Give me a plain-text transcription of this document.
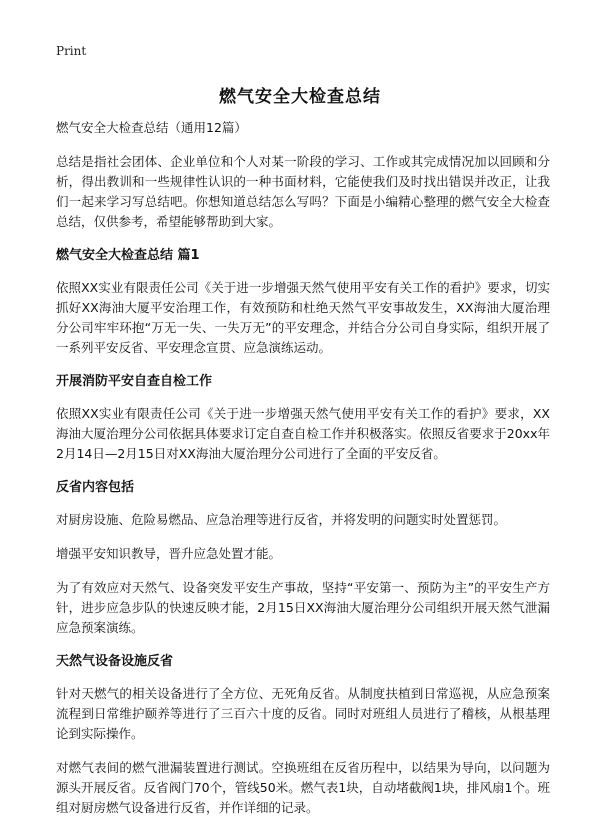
Print
燃气安全大检查总结

燃气安全大检查总结（通用12篇）

总结是指社会团体、企业单位和个人对某一阶段的学习、工作或其完成情况加以回顾和分析，得出教训和一些规律性认识的一种书面材料，它能使我们及时找出错误并改正，让我们一起来学习写总结吧。你想知道总结怎么写吗？下面是小编精心整理的燃气安全大检查总结，仅供参考，希望能够帮助到大家。

燃气安全大检查总结 篇1

依照XX实业有限责任公司《关于进一步增强天然气使用平安有关工作的看护》要求，切实抓好XX海油大厦平安治理工作，有效预防和杜绝天然气平安事故发生，XX海油大厦治理分公司牢牢环抱“万无一失、一失万无”的平安理念，并结合分公司自身实际，组织开展了一系列平安反省、平安理念宣贯、应急演练运动。

开展消防平安自查自检工作

依照XX实业有限责任公司《关于进一步增强天然气使用平安有关工作的看护》要求，XX海油大厦治理分公司依据具体要求订定自查自检工作并积极落实。依照反省要求于20xx年2月14日—2月15日对XX海油大厦治理分公司进行了全面的平安反省。

反省内容包括

对厨房设施、危险易燃品、应急治理等进行反省，并将发明的问题实时处置惩罚。

增强平安知识教导，晋升应急处置才能。

为了有效应对天然气、设备突发平安生产事故，坚持“平安第一、预防为主”的平安生产方针，进步应急步队的快速反映才能，2月15日XX海油大厦治理分公司组织开展天然气泄漏应急预案演练。

天然气设备设施反省

针对天燃气的相关设备进行了全方位、无死角反省。从制度扶植到日常巡视，从应急预案流程到日常维护颐养等进行了三百六十度的反省。同时对班组人员进行了稽核，从根基理论到实际操作。

对燃气表间的燃气泄漏装置进行测试。空换班组在反省历程中，以结果为导向，以问题为源头开展反省。反省阀门70个，管线50米。燃气表1块，自动堵截阀1块，排风扇1个。班组对厨房燃气设备进行反省，并作详细的记录。
